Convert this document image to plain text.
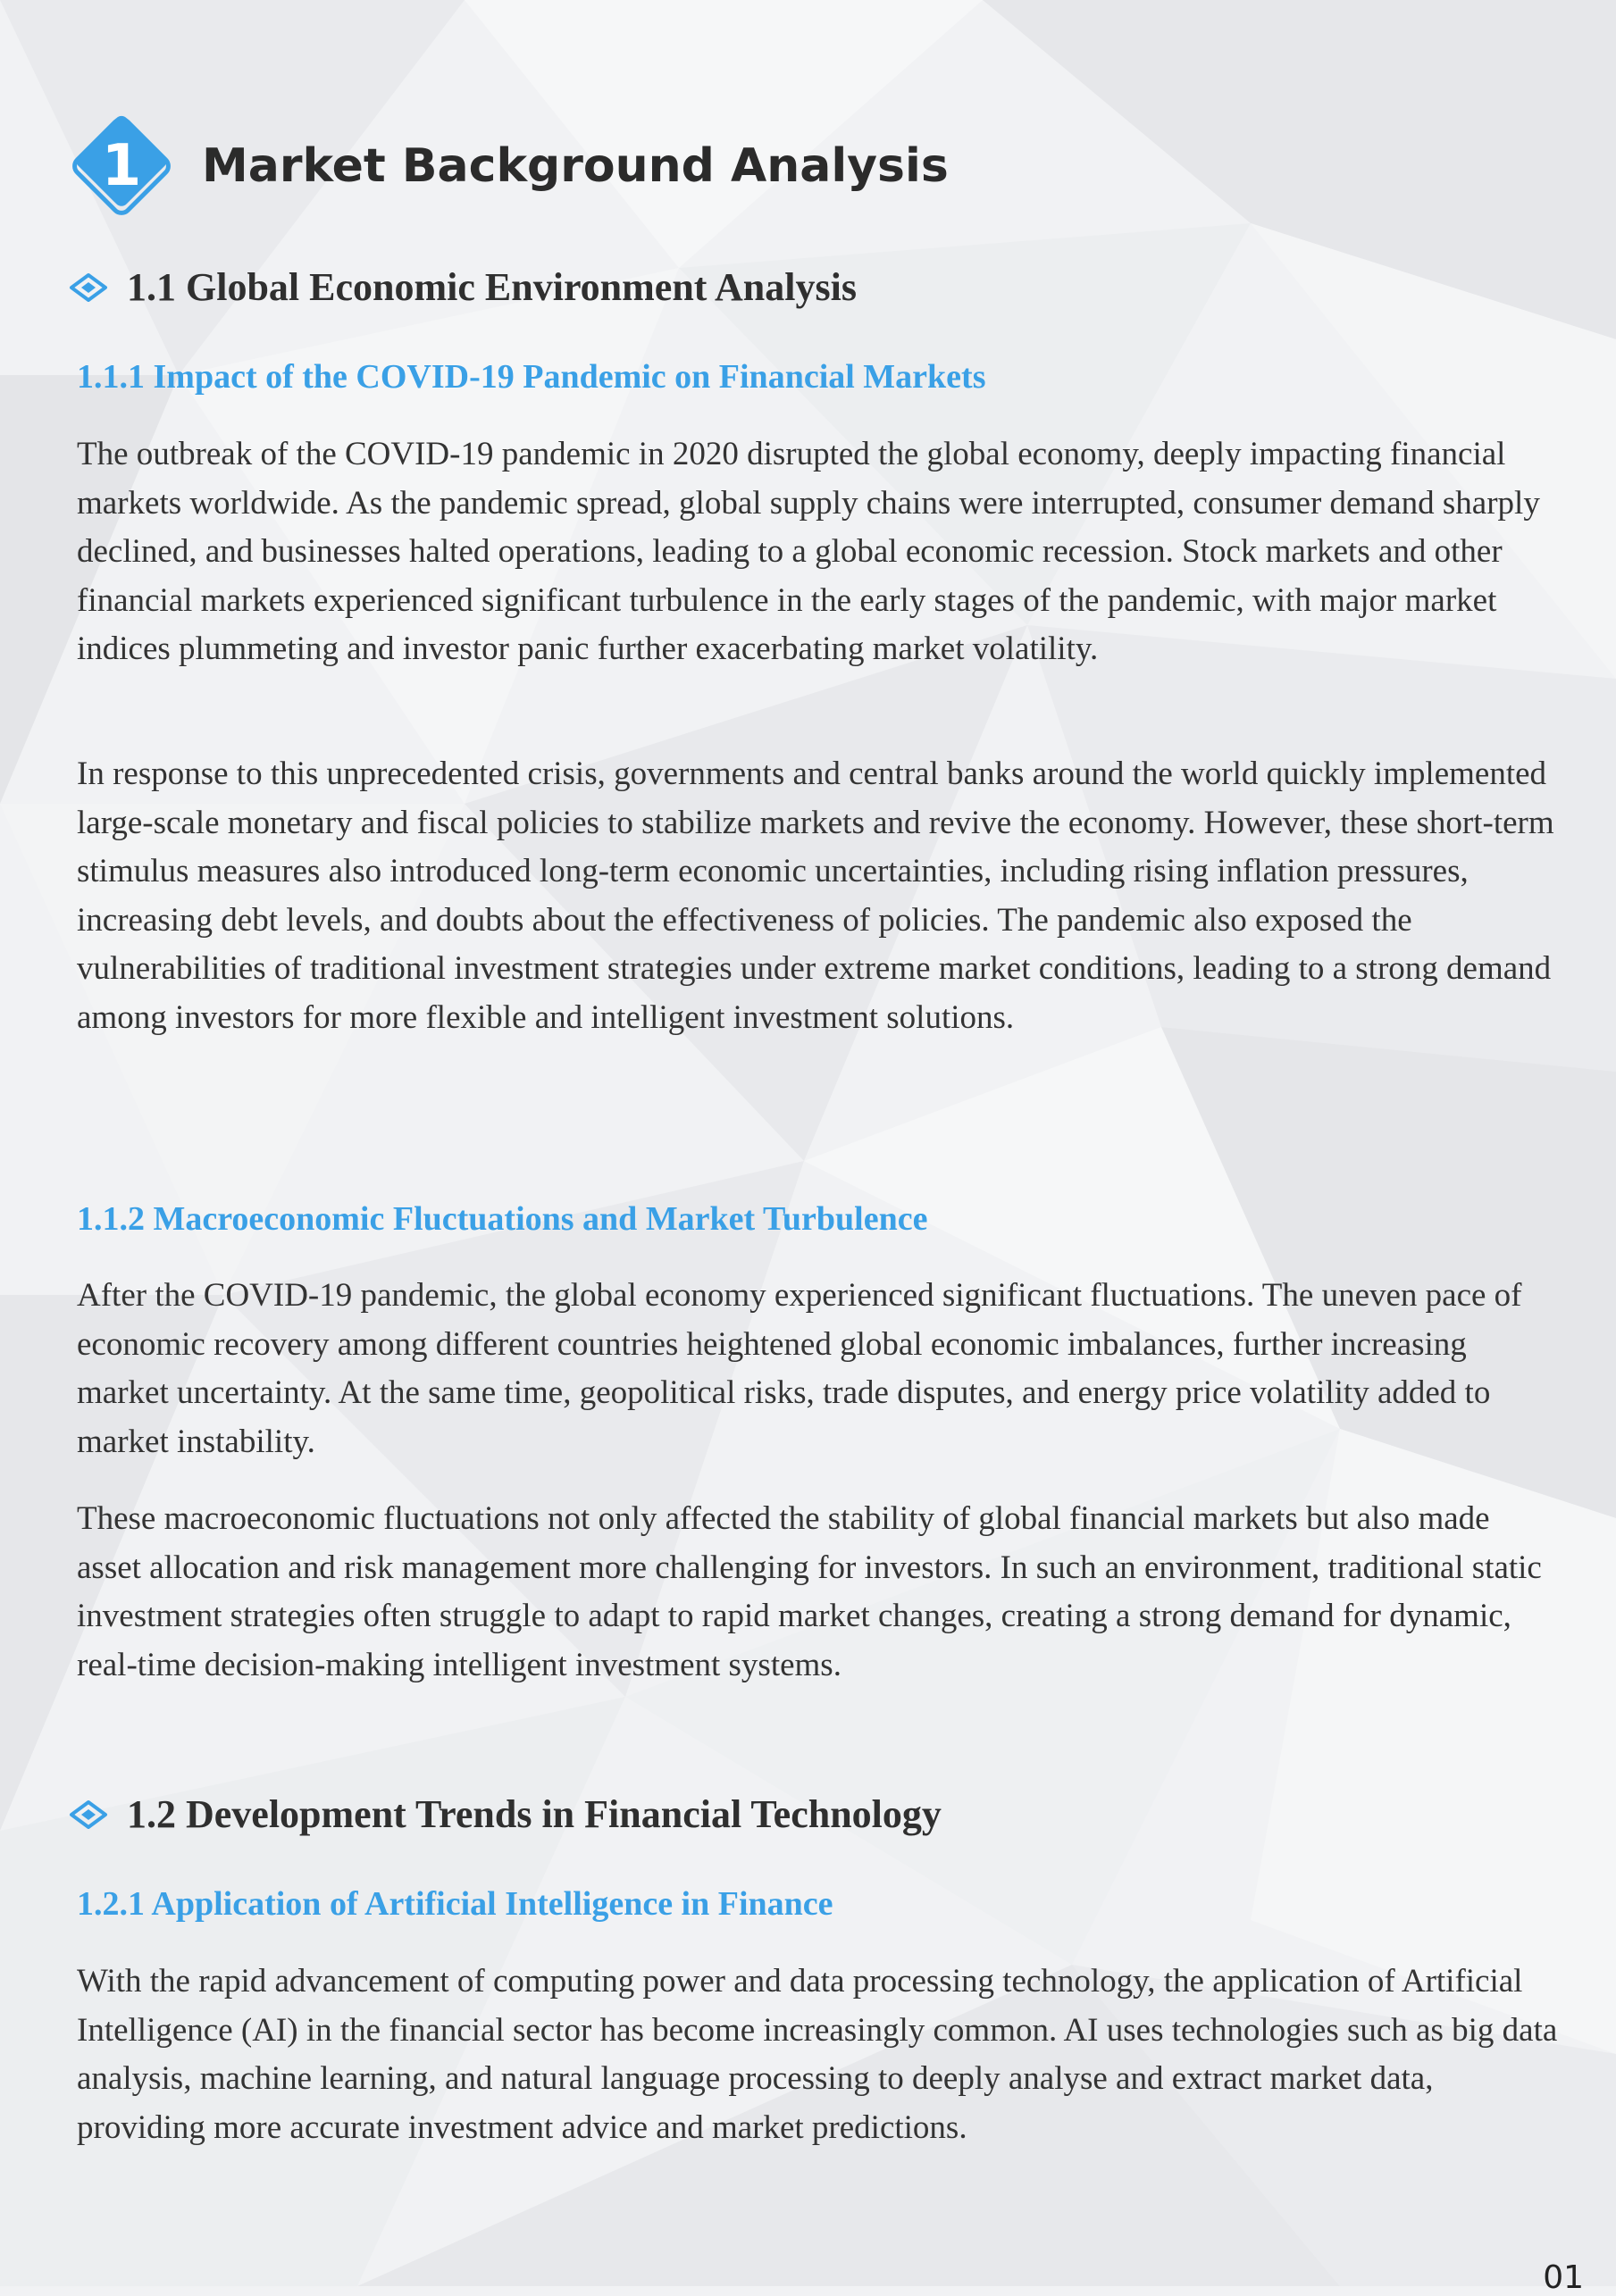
1	Market Background Analysis
1.1 Global Economic Environment Analysis
1.1.1 Impact of the COVID-19 Pandemic on Financial Markets

The outbreak of the COVID-19 pandemic in 2020 disrupted the global economy, deeply impacting financial markets worldwide. As the pandemic spread, global supply chains were interrupted, consumer demand sharply declined, and businesses halted operations, leading to a global economic recession. Stock markets and other financial markets experienced significant turbulence in the early stages of the pandemic, with major market indices plummeting and investor panic further exacerbating market volatility.

In response to this unprecedented crisis, governments and central banks around the world quickly implemented large-scale monetary and fiscal policies to stabilize markets and revive the economy. However, these short-term stimulus measures also introduced long-term economic uncertainties, including rising inflation pressures, increasing debt levels, and doubts about the effectiveness of policies. The pandemic also exposed the vulnerabilities of traditional investment strategies under extreme market conditions, leading to a strong demand among investors for more flexible and intelligent investment solutions.

1.1.2 Macroeconomic Fluctuations and Market Turbulence

After the COVID-19 pandemic, the global economy experienced significant fluctuations. The uneven pace of economic recovery among different countries heightened global economic imbalances, further increasing market uncertainty. At the same time, geopolitical risks, trade disputes, and energy price volatility added to market instability.

These macroeconomic fluctuations not only affected the stability of global financial markets but also made asset allocation and risk management more challenging for investors. In such an environment, traditional static investment strategies often struggle to adapt to rapid market changes, creating a strong demand for dynamic, real-time decision-making intelligent investment systems.

1.2 Development Trends in Financial Technology
1.2.1 Application of Artificial Intelligence in Finance

With the rapid advancement of computing power and data processing technology, the application of Artificial Intelligence (AI) in the financial sector has become increasingly common. AI uses technologies such as big data analysis, machine learning, and natural language processing to deeply analyse and extract market data, providing more accurate investment advice and market predictions.

01
